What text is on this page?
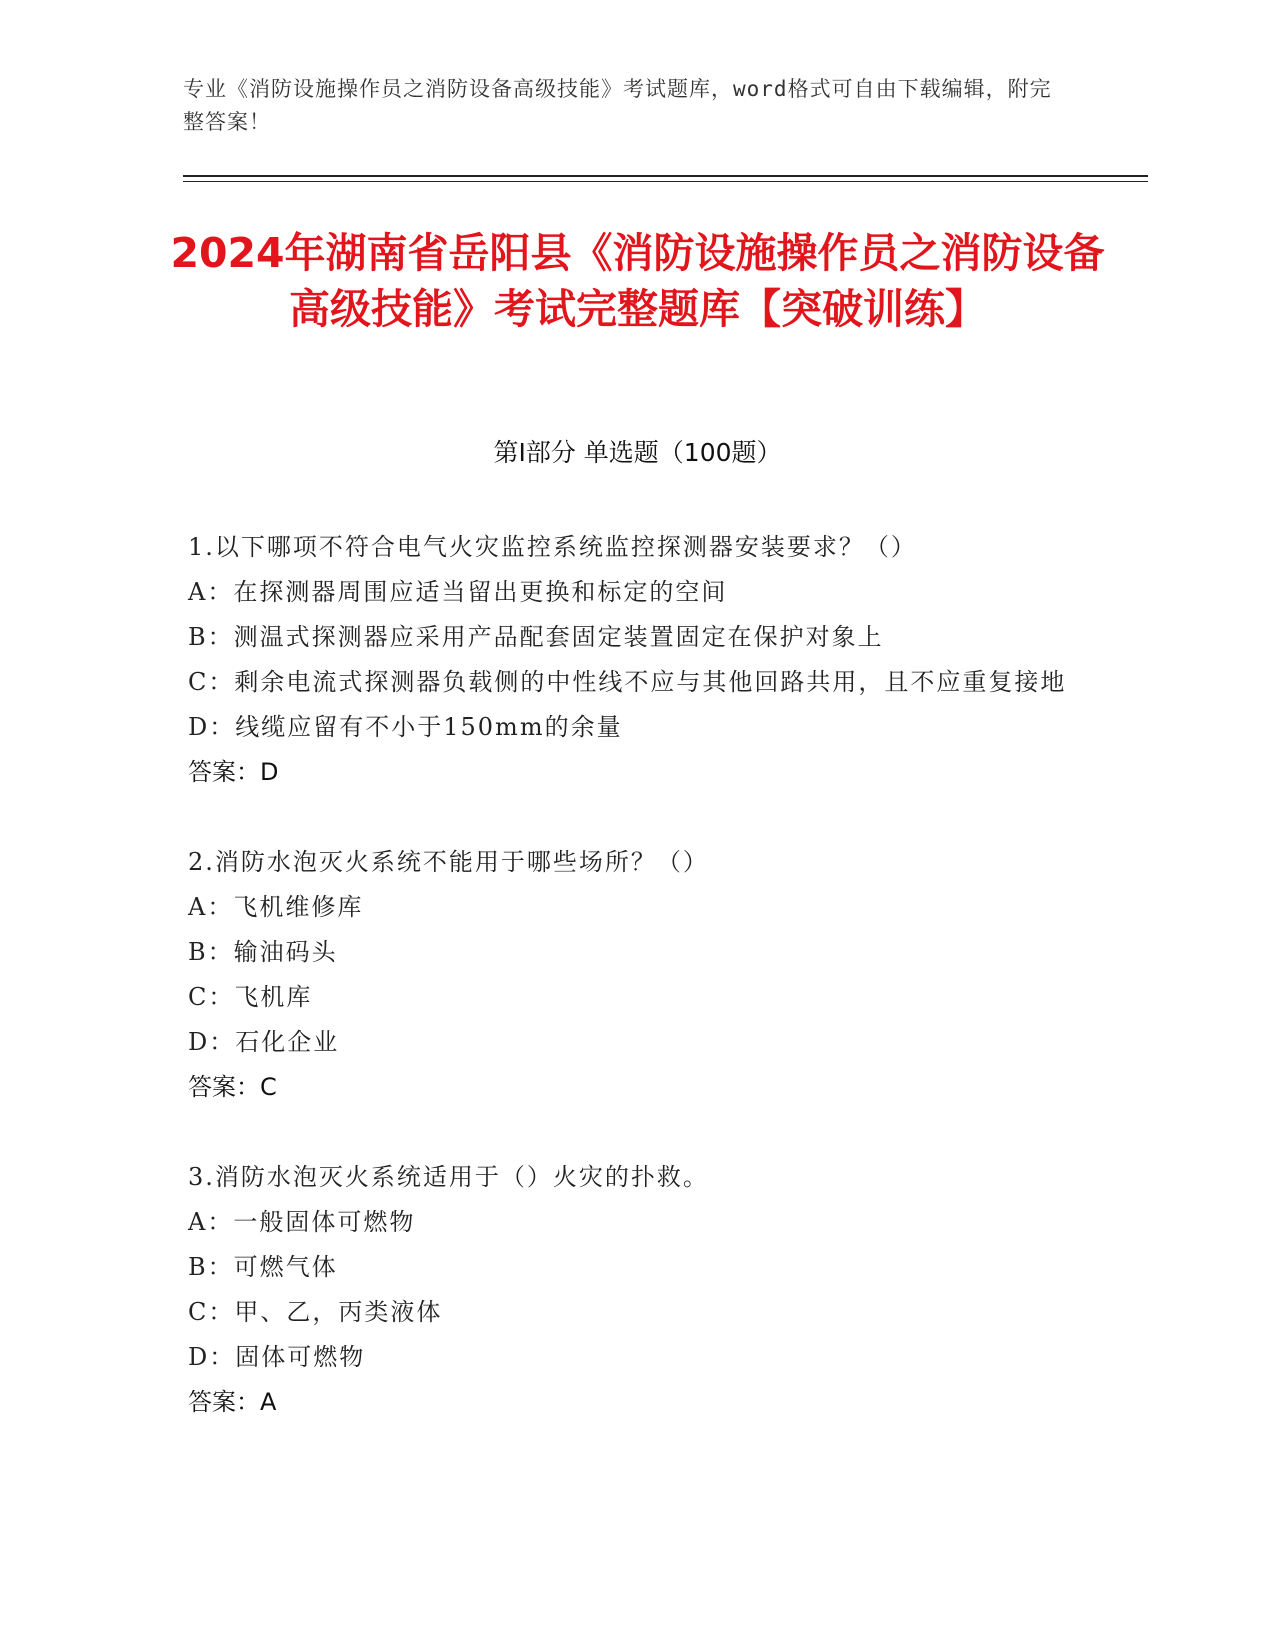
专业《消防设施操作员之消防设备高级技能》考试题库，word格式可自由下载编辑，附完整答案！
2024年湖南省岳阳县《消防设施操作员之消防设备高级技能》考试完整题库【突破训练】
第I部分 单选题（100题）

1.以下哪项不符合电气火灾监控系统监控探测器安装要求？（）

A：在探测器周围应适当留出更换和标定的空间

B：测温式探测器应采用产品配套固定装置固定在保护对象上

C：剩余电流式探测器负载侧的中性线不应与其他回路共用，且不应重复接地

D：线缆应留有不小于150mm的余量

答案：D

2.消防水泡灭火系统不能用于哪些场所？（）

A：飞机维修库

B：输油码头

C：飞机库

D：石化企业

答案：C

3.消防水泡灭火系统适用于（）火灾的扑救。

A：一般固体可燃物

B：可燃气体

C：甲、乙，丙类液体

D：固体可燃物

答案：A
